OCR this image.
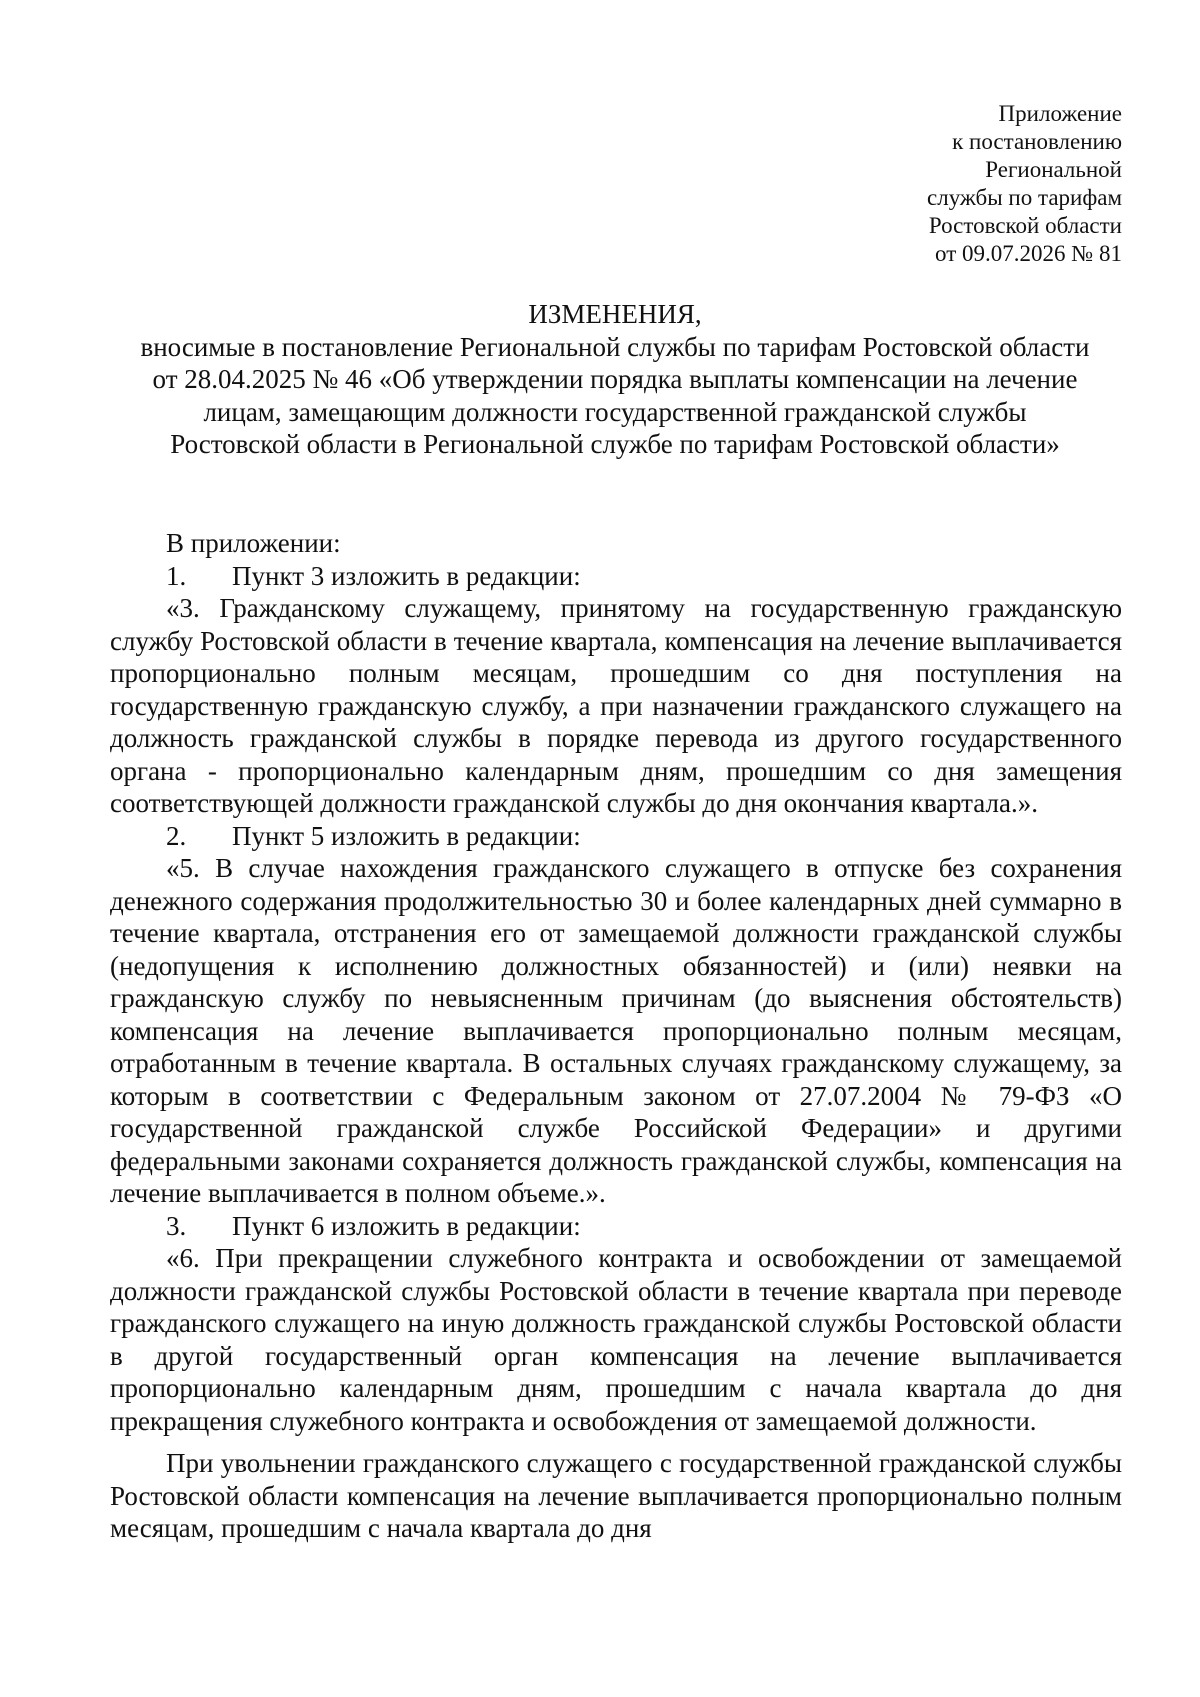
Приложение
к постановлению
Региональной
службы по тарифам
Ростовской области
от 09.07.2026 № 81
ИЗМЕНЕНИЯ,
вносимые в постановление Региональной службы по тарифам Ростовской области от 28.04.2025 № 46 «Об утверждении порядка выплаты компенсации на лечение лицам, замещающим должности государственной гражданской службы Ростовской области в Региональной службе по тарифам Ростовской области»

В приложении:

1. Пункт 3 изложить в редакции:

«3. Гражданскому служащему, принятому на государственную гражданскую службу Ростовской области в течение квартала, компенсация на лечение выплачивается пропорционально полным месяцам, прошедшим со дня поступления на государственную гражданскую службу, а при назначении гражданского служащего на должность гражданской службы в порядке перевода из другого государственного органа - пропорционально календарным дням, прошедшим со дня замещения соответствующей должности гражданской службы до дня окончания квартала.».

2. Пункт 5 изложить в редакции:

«5. В случае нахождения гражданского служащего в отпуске без сохранения денежного содержания продолжительностью 30 и более календарных дней суммарно в течение квартала, отстранения его от замещаемой должности гражданской службы (недопущения к исполнению должностных обязанностей) и (или) неявки на гражданскую службу по невыясненным причинам (до выяснения обстоятельств) компенсация на лечение выплачивается пропорционально полным месяцам, отработанным в течение квартала. В остальных случаях гражданскому служащему, за которым в соответствии с Федеральным законом от 27.07.2004 № 79-ФЗ «О государственной гражданской службе Российской Федерации» и другими федеральными законами сохраняется должность гражданской службы, компенсация на лечение выплачивается в полном объеме.».

3. Пункт 6 изложить в редакции:

«6. При прекращении служебного контракта и освобождении от замещаемой должности гражданской службы Ростовской области в течение квартала при переводе гражданского служащего на иную должность гражданской службы Ростовской области в другой государственный орган компенсация на лечение выплачивается пропорционально календарным дням, прошедшим с начала квартала до дня прекращения служебного контракта и освобождения от замещаемой должности.

При увольнении гражданского служащего с государственной гражданской службы Ростовской области компенсация на лечение выплачивается пропорционально полным месяцам, прошедшим с начала квартала до дня
